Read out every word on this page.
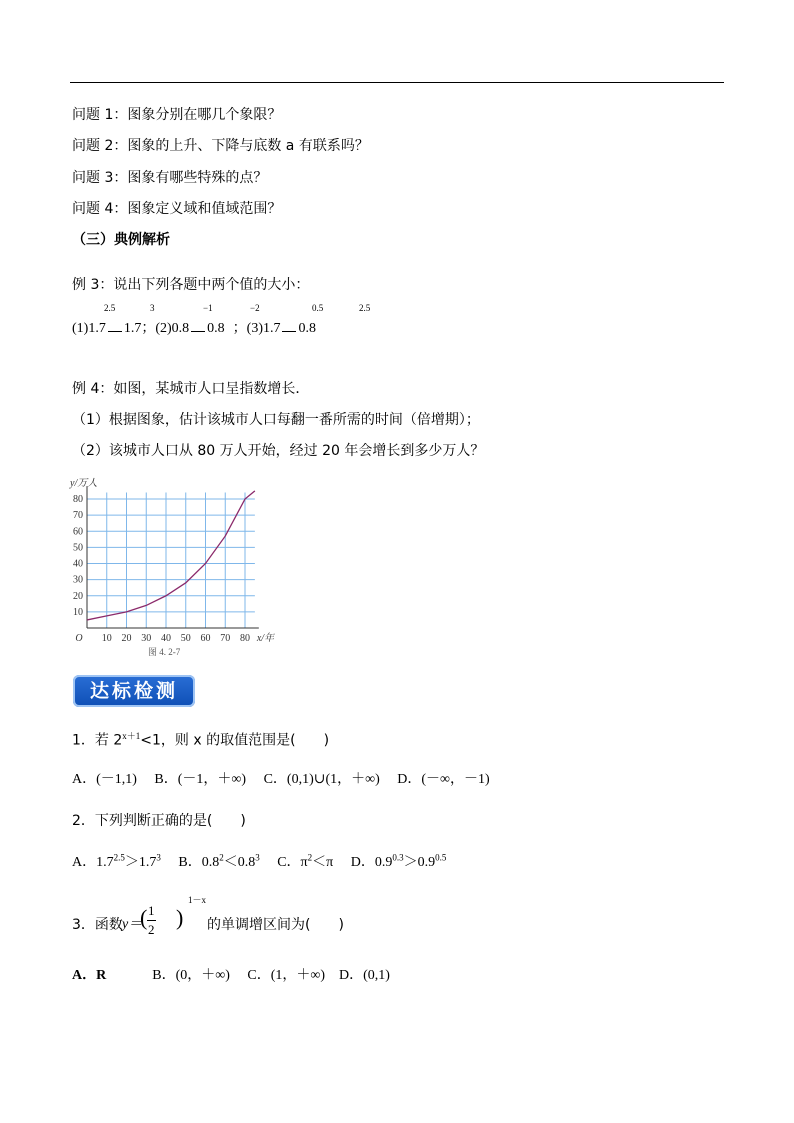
问题 1：图象分别在哪几个象限？
问题 2：图象的上升、下降与底数 a 有联系吗？
问题 3：图象有哪些特殊的点？
问题 4：图象定义域和值域范围？
（三）典例解析
例 3：说出下列各题中两个值的大小：
2.5	3	−1	−2	0.5	2.5
(1)1.7 1.7；(2)0.8 0.8 ；(3)1.7 0.8
例 4：如图，某城市人口呈指数增长．
（1）根据图象，估计该城市人口每翻一番所需的时间（倍增期）；
（2）该城市人口从 80 万人开始，经过 20 年会增长到多少万人？
10 20 30 40 50 60 70 80
10
20
30
40
50
60
70
80
O
y/万人
x/年
图 4. 2-7
达标检测
1．若 $2^{x+1}<1$，则 x 的取值范围是(　　)
A．(－1,1)　 B．(－1，＋∞)　 C．(0,1)∪(1，＋∞)　 D．(－∞，－1)
2．下列判断正确的是(　　)
A．$1.7^{2.5}>1.7^3$ B．$0.8^2<0.8^3$ C．$\pi^2<\pi$ D．$0.9^{0.3}>0.9^{0.5}$
3．函数 y＝
( 1
2 )
1－x
的单调增区间为(　　)
A．R	B．(0，＋∞)　 C．(1，＋∞)　D．(0,1)
